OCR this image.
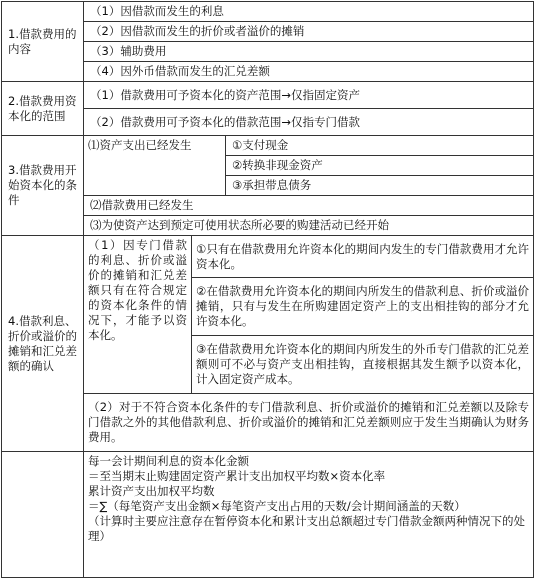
1.借款费用的内容	（1）因借款而发生的利息		
	（2）因借款而发生的折价或者溢价的摊销		
	（3）辅助费用		
	（4）因外币借款而发生的汇兑差额		
2.借款费用资本化的范围	（1）借款费用可予资本化的资产范围→仅指固定资产		
	（2）借款费用可予资本化的借款范围→仅指专门借款		
3.借款费用开始资本化的条件	⑴资产支出已经发生		①支付现金
			②转换非现金资产
			③承担带息债务
	⑵借款费用已经发生		
	⑶为使资产达到预定可使用状态所必要的购建活动已经开始		
4.借款利息、折价或溢价的摊销和汇兑差额的确认	（1）因专门借款的利息、折价或溢价的摊销和汇兑差额只有在符合规定的资本化条件的情况下，才能予以资本化。	①只有在借款费用允许资本化的期间内发生的专门借款费用才允许资本化。	
		②在借款费用允许资本化的期间内所发生的借款利息、折价或溢价摊销，只有与发生在所购建固定资产上的支出相挂钩的部分才允许资本化。	
		③在借款费用允许资本化的期间内所发生的外币专门借款的汇兑差额则可不必与资产支出相挂钩，直接根据其发生额予以资本化，计入固定资产成本。	
	（2）对于不符合资本化条件的专门借款利息、折价或溢价的摊销和汇兑差额以及除专门借款之外的其他借款利息、折价或溢价的摊销和汇兑差额则应于发生当期确认为财务费用。		

	每一会计期间利息的资本化金额
＝至当期末止购建固定资产累计支出加权平均数×资本化率
累计资产支出加权平均数
＝∑（每笔资产支出金额×每笔资产支出占用的天数/会计期间涵盖的天数）
（计算时主要应注意存在暂停资本化和累计支出总额超过专门借款金额两种情况下的处理）		
